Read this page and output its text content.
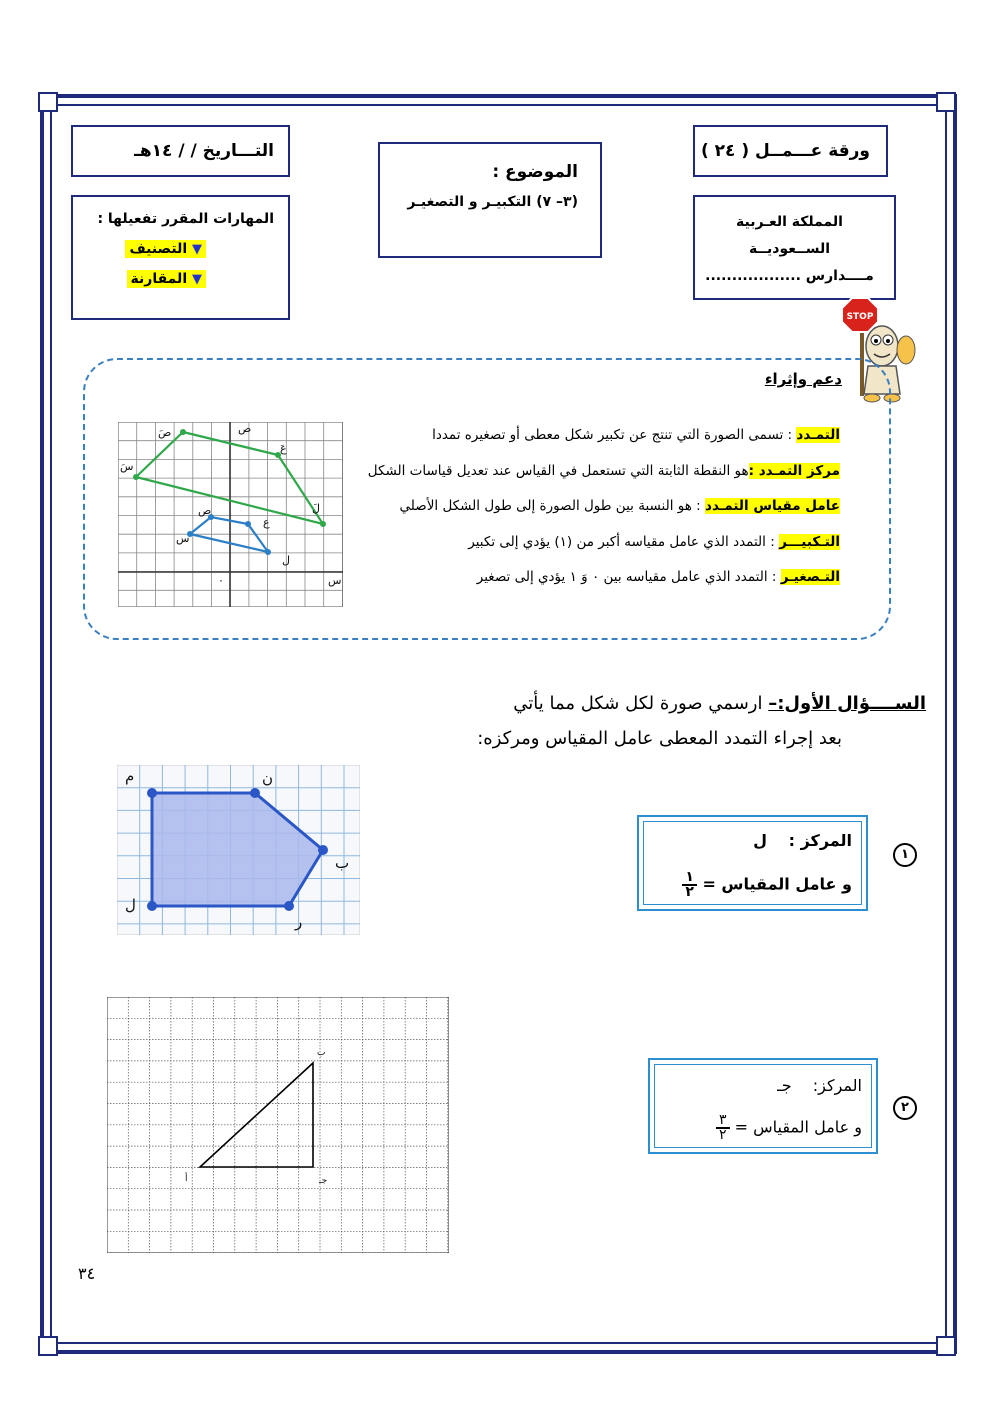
ورقة عـــمــل ( ٢٤ )
التـــاريخ / / ١٤هـ
الموضوع :
(٣– ٧) التكبيـر و التصغيـر
المملكة العـربية
الســعوديــة
مــــدارس ..................
المهارات المقرر تفعيلها :
▼ التصنيف
▼ المقارنة
STOP
دعم وإثراء
التمـدد : تسمى الصورة التي تنتج عن تكبير شكل معطى أو تصغيره تمددا
مركز التمـدد :هو النقطة الثابتة التي تستعمل في القياس عند تعديل قياسات الشكل
عامل مقياس التمـدد : هو النسبة بين طول الصورة إلى طول الشكل الأصلي
التـكبيـــر : التمدد الذي عامل مقياسه أكبر من (١) يؤدي إلى تكبير
التـصغيـر : التمدد الذي عامل مقياسه بين ٠ وَ ١ يؤدي إلى تصغير
سَ
صَ
عَ
لَ
س
ص
ع
ل
٠	س
ص
الســــؤال الأول:– ارسمي صورة لكل شكل مما يأتي
بعد إجراء التمدد المعطى عامل المقياس ومركزه:
م	ن
ب
ر
ل
المركز : ل
و عامل المقياس =
$\frac{١}{٢}$
١
ب
أ	جـ
المركز: جـ
و عامل المقياس =
$\frac{٣}{٢}$
٢
٣٤
